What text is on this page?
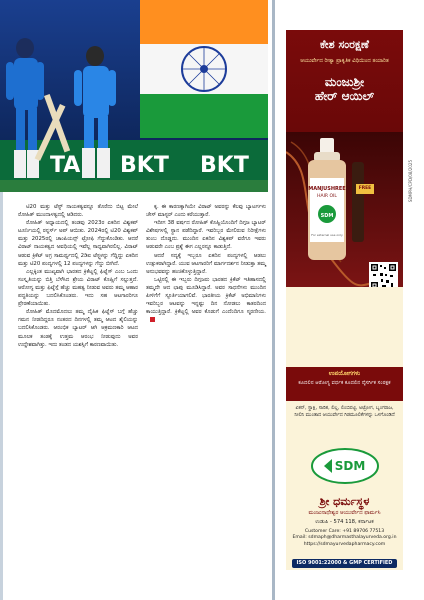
BKT BKT
TA

ಟಿ20 ಮತ್ತು ಟೆಸ್ಟ್ ನಾಯಕತ್ವವನ್ನೂ ತೊರೆದು ಬಿಟ್ಟ ಮೇಲೆ ರೋಹಿತ್ ಮುಂದಾಳತ್ವದಲ್ಲಿ ಆಡಿದರು.

ರೋಹಿತ್ ಅಧ್ಯಾಯದಲ್ಲಿ ತಂಡವು 2023ರ ಏಕದಿನ ವಿಶ್ವಕಪ್ ಟೂರ್ನಿಯಲ್ಲಿ ರನ್ನರ್ಸ್ ಅಪ್ ಆಯಿತು. 2024ರಲ್ಲಿ ಟಿ20 ವಿಶ್ವಕಪ್ ಮತ್ತು 2025ರಲ್ಲಿ ಚಾಂಪಿಯನ್ಸ್ ಟ್ರೋಫಿ ಗೆದ್ದುಕೊಂಡಿತು. ಆದರೆ ವಿರಾಟ್ ನಾಯಕತ್ವದ ಅವಧಿಯಲ್ಲಿ ಇವೆಲ್ಲ ಸಾಧ್ಯವಾಗಿರಲಿಲ್ಲ. ವಿರಾಟ್ ಆಡುವ ಕ್ರಿಕೆಟ್ ಅಗ್ರ ಸಾಮರ್ಥ್ಯದಲ್ಲಿ 2ಡಿಐ ಟೆಸ್ಟ್ಗಳನ್ನು ಗೆದ್ದಿದ್ದು ಏಕದಿನ ಮತ್ತು ಟಿ20 ಪಂದ್ಯಗಳಲ್ಲಿ 12 ಪಂದ್ಯಗಳನ್ನು ಗೆದ್ದು ಬೀಗಿದೆ.

ಎಲ್ಲಕ್ಕಿಂತ ಮುಖ್ಯವಾಗಿ ಭಾರತದ ಕ್ರಿಕೆಟ್ನಲ್ಲಿ ಫಿಟ್ನೆಸ್ ಎಂಬ ಒಂದು ಸಂಸ್ಕೃತಿಯನ್ನು ಬಿತ್ತಿ ಬೆಳೆಸಿದ ಶ್ರೇಯ ವಿರಾಟ್ ಕೊಹ್ಲಿಗೆ ಸಲ್ಲುತ್ತದೆ. ಆರೋಗ್ಯ ಮತ್ತು ಫಿಟ್ನೆಸ್ಗೆ ಹೆಚ್ಚು ಮಹತ್ವ ನೀಡುವ ಅವರು ತಮ್ಮ ಆಹಾರ ಪದ್ಧತಿಯನ್ನು ಬದಲಿಸಿಕೊಂಡರು. ಇದು ಸಹ ಆಟಗಾರರಿಗೂ ಪ್ರೇರಣೆಯಾಯಿತು.

ರೋಹಿತ್ ಮೊದಮೊದಲು ತಮ್ಮ ದೈಹಿಕ ಫಿಟ್ನೆಸ್ ಬಗ್ಗೆ ಹೆಚ್ಚು ಗಮನ ನೀಡದಿದ್ದರೂ ನಂತರದ ದಿನಗಳಲ್ಲಿ ತಮ್ಮ ಆಟದ ಶೈಲಿಯನ್ನು ಬದಲಿಸಿಕೊಂಡರು. ಆರಂಭಿಕ ಬ್ಯಾಟರ್ ಆಗಿ ಆಕ್ರಮಣಕಾರಿ ಆಟದ ಮೂಲಕ ತಂಡಕ್ಕೆ ಉತ್ತಮ ಆರಂಭ ನೀಡುವುದು ಅವರ ಉದ್ದೇಶವಾಗಿತ್ತು. ಇದು ತಂಡದ ಯಶಸ್ಸಿಗೆ ಕಾರಣವಾಯಿತು.

ಕ್ಕ. ಈ ಕಾರಣಕ್ಕಾಗಿಯೇ ವಿರಾಟ್ ಅವರನ್ನು ಕೆಲವು ಬ್ಯಾಟರ್ಗಳು ಚೇಸ್ ಮಾಸ್ಟರ್ ಎಂದು ಕರೆಯುತ್ತಾರೆ.

ಇದೀಗ 38 ವರ್ಷದ ರೋಹಿತ್ ಕೊಹ್ಲಿಯೊಂದಿಗೆ ದಿಗ್ಗಜ ಬ್ಯಾಟರ್ ವಿಶೇಷಗಳಲ್ಲಿ ಸ್ಥಾನ ಪಡೆದಿದ್ದಾರೆ. ಇವರಿಬ್ಬರ ಮೇಲಿರುವ ನಿರೀಕ್ಷೆಗಳು ತುಂಬ ದೊಡ್ಡದು. ಮುಂದಿನ ಏಕದಿನ ವಿಶ್ವಕಪ್ ವರೆಗೂ ಇವರು ಆಡುವರೇ ಎಂಬ ಪ್ರಶ್ನೆ ಈಗ ಎಲ್ಲರನ್ನೂ ಕಾಡುತ್ತಿದೆ.

ಆದರೆ ಸದ್ಯಕ್ಕೆ ಇಬ್ಬರೂ ಏಕದಿನ ಪಂದ್ಯಗಳಲ್ಲಿ ಆಡಲು ಉತ್ಸುಕರಾಗಿದ್ದಾರೆ. ಯುವ ಆಟಗಾರರಿಗೆ ಮಾರ್ಗದರ್ಶನ ನೀಡುತ್ತಾ ತಮ್ಮ ಅನುಭವವನ್ನು ಹಂಚಿಕೊಳ್ಳುತ್ತಿದ್ದಾರೆ.

ಒಟ್ಟಿನಲ್ಲಿ ಈ ಇಬ್ಬರು ದಿಗ್ಗಜರು ಭಾರತದ ಕ್ರಿಕೆಟ್ ಇತಿಹಾಸದಲ್ಲಿ ತಮ್ಮದೇ ಆದ ಛಾಪು ಮೂಡಿಸಿದ್ದಾರೆ. ಅವರ ಸಾಧನೆಗಳು ಮುಂದಿನ ಪೀಳಿಗೆಗೆ ಸ್ಫೂರ್ತಿಯಾಗಲಿವೆ. ಭಾರತೀಯ ಕ್ರಿಕೆಟ್ ಅಭಿಮಾನಿಗಳು ಇವರಿಬ್ಬರ ಆಟವನ್ನು ಇನ್ನಷ್ಟು ದಿನ ನೋಡಲು ಕಾತರದಿಂದ ಕಾಯುತ್ತಿದ್ದಾರೆ. ಕ್ರಿಕೆಟ್ನಲ್ಲಿ ಅವರ ಕೊಡುಗೆ ಎಂದೆಂದಿಗೂ ಸ್ಮರಣೀಯ.

ಕೇಶ ಸಂರಕ್ಷಣೆ
ಆಯುರ್ವೇದ ರೀತ್ಯಾ ಪ್ರಾಕೃತಿಕ ವಿಧಿಯಿಂದ ತಯಾರಿತ
ಮಂಜುಶ್ರೀ
ಹೇರ್ ಆಯಿಲ್
MANJUSHREE
HAIR OIL
SDM
For external use only
FREE
ಉಪಯೋಗಗಳು
ಕೂದಲಿನ ಆರೋಗ್ಯ ವರ್ಧಕ ಕೂದಲಿನ ನೈಸರ್ಗಿಕ ಸಂರಕ್ಷಕ
ಏಕನ್, ಸ್ಥಾಕ್ಷಿ, ಸಾರಿತ, ಲಿಲ್ಲ, ಲಿಂಬಿಪಟ್ಟಿ, ಅಟ್ರೋಗ, ಬೃಂಗರಾಜ, ನೀಲಿನಿ ಮುಂತಾದ ಆಯುರ್ವೇದ ಗಿಡಮೂಲಿಕೆಗಳನ್ನು ಒಳಗೊಂಡಿದೆ
SDM
ಶ್ರೀ ಧರ್ಮಸ್ಥಳ
ಮಂಜುನಾಥೇಶ್ವರ ಆಯುರ್ವೇದ ಫಾರ್ಮಸಿ
ಉಡುಪಿ - 574 118, ಕರ್ನಾಟಕ
Customer Care: +91 89706 77513
Email: sdmaph@dharmasthalayurveda.org.in
https://sdmayurvedapharmacy.com
ISO 9001:22000 & GMP CERTIFIED
SDMPH/CPD/08/2025
